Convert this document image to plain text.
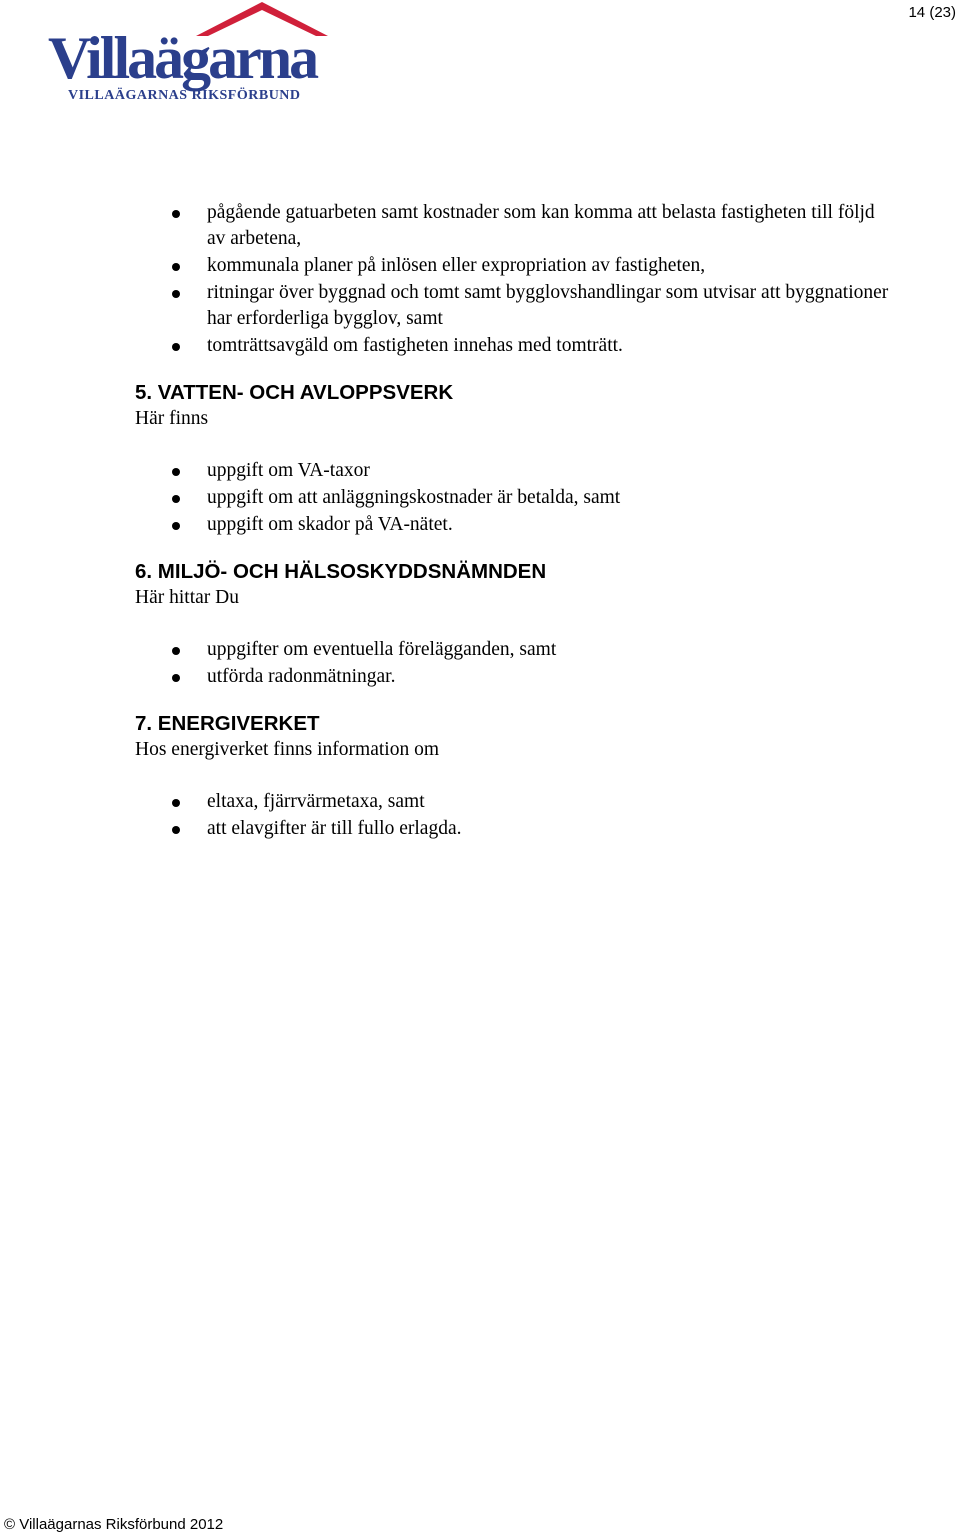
14 (23)
Villaägarna
VILLAÄGARNAS RIKSFÖRBUND
pågående gatuarbeten samt kostnader som kan komma att belasta fastigheten till följd av arbetena,
kommunala planer på inlösen eller expropriation av fastigheten,
ritningar över byggnad och tomt samt bygglovshandlingar som utvisar att byggnationer har erforderliga bygglov, samt
tomträttsavgäld om fastigheten innehas med tomträtt.
5. VATTEN- OCH AVLOPPSVERK

Här finns

uppgift om VA-taxor
uppgift om att anläggningskostnader är betalda, samt
uppgift om skador på VA-nätet.
6. MILJÖ- OCH HÄLSOSKYDDSNÄMNDEN

Här hittar Du

uppgifter om eventuella förelägganden, samt
utförda radonmätningar.
7. ENERGIVERKET

Hos energiverket finns information om

eltaxa, fjärrvärmetaxa, samt
att elavgifter är till fullo erlagda.
© Villaägarnas Riksförbund 2012
